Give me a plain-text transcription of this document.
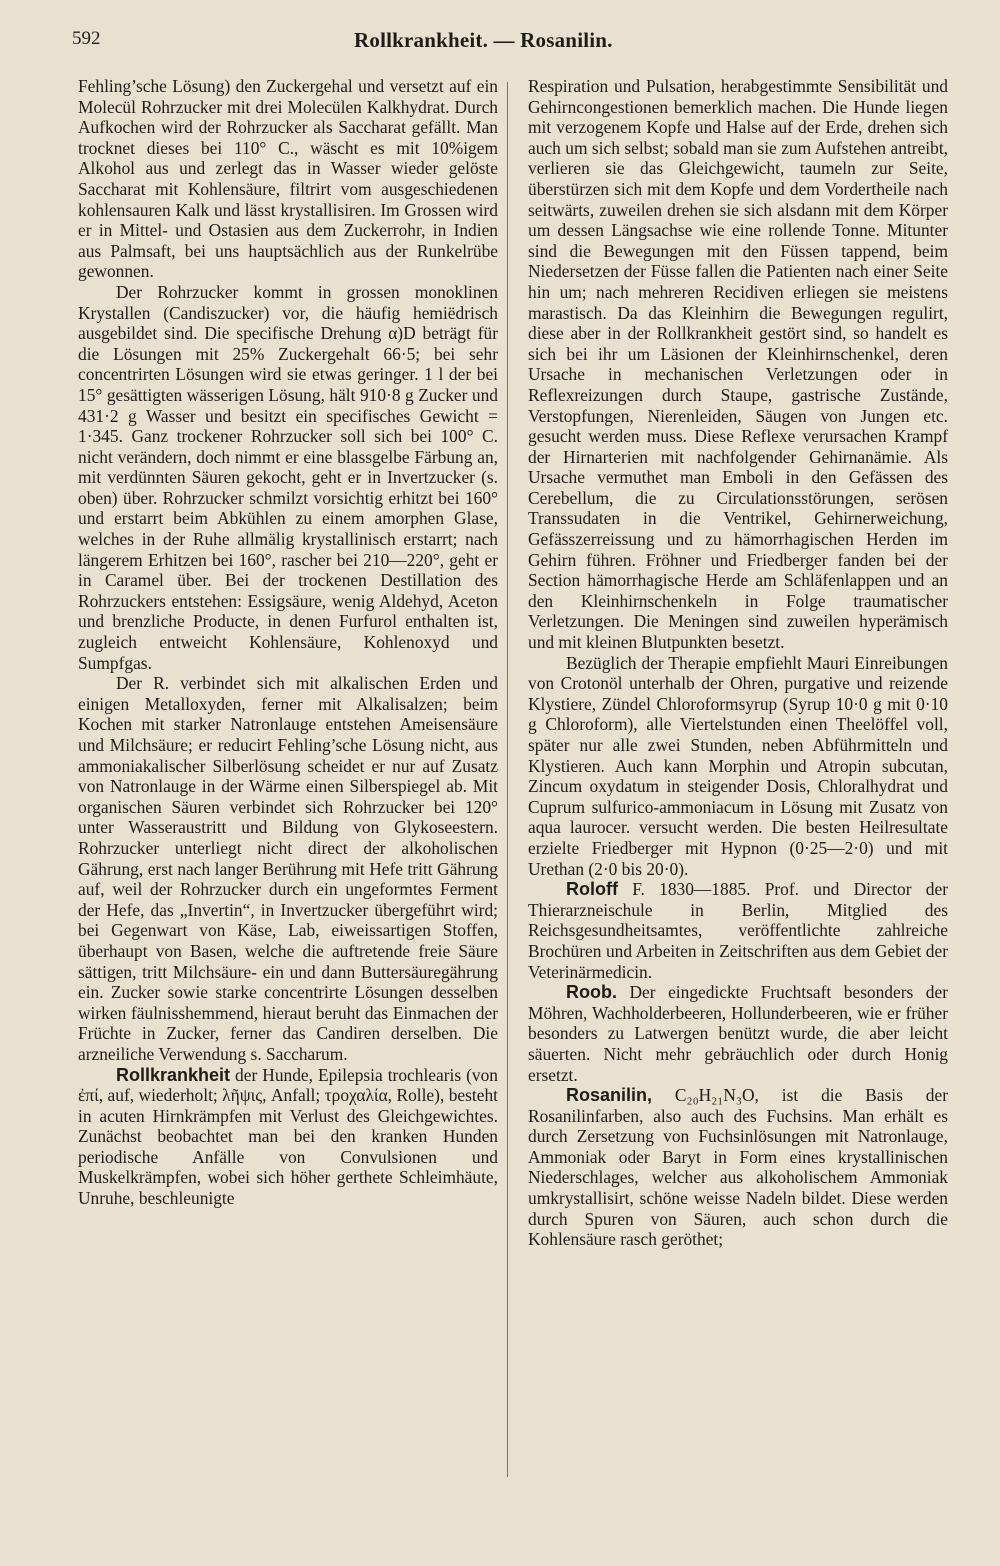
592	Rollkrankheit. — Rosanilin.

Fehling’sche Lösung) den Zuckergehal und versetzt auf ein Molecül Rohrzucker mit drei Molecülen Kalkhydrat. Durch Aufkochen wird der Rohrzucker als Saccharat gefällt. Man trocknet dieses bei 110° C., wäscht es mit 10%igem Alkohol aus und zerlegt das in Wasser wieder gelöste Saccharat mit Kohlensäure, filtrirt vom ausgeschiedenen kohlensauren Kalk und lässt krystallisiren. Im Grossen wird er in Mittel- und Ostasien aus dem Zuckerrohr, in Indien aus Palmsaft, bei uns hauptsächlich aus der Runkelrübe gewonnen.

Der Rohrzucker kommt in grossen monoklinen Krystallen (Candiszucker) vor, die häufig hemiëdrisch ausgebildet sind. Die specifische Drehung α)D beträgt für die Lösungen mit 25% Zuckergehalt 66·5; bei sehr concentrirten Lösungen wird sie etwas geringer. 1 l der bei 15° gesättigten wässerigen Lösung, hält 910·8 g Zucker und 431·2 g Wasser und besitzt ein specifisches Gewicht = 1·345. Ganz trockener Rohrzucker soll sich bei 100° C. nicht verändern, doch nimmt er eine blassgelbe Färbung an, mit verdünnten Säuren gekocht, geht er in Invertzucker (s. oben) über. Rohrzucker schmilzt vorsichtig erhitzt bei 160° und erstarrt beim Abkühlen zu einem amorphen Glase, welches in der Ruhe allmälig krystallinisch erstarrt; nach längerem Erhitzen bei 160°, rascher bei 210—220°, geht er in Caramel über. Bei der trockenen Destillation des Rohrzuckers entstehen: Essigsäure, wenig Aldehyd, Aceton und brenzliche Producte, in denen Furfurol enthalten ist, zugleich entweicht Kohlensäure, Kohlenoxyd und Sumpfgas.

Der R. verbindet sich mit alkalischen Erden und einigen Metalloxyden, ferner mit Alkalisalzen; beim Kochen mit starker Natronlauge entstehen Ameisensäure und Milchsäure; er reducirt Fehling’sche Lösung nicht, aus ammoniakalischer Silberlösung scheidet er nur auf Zusatz von Natronlauge in der Wärme einen Silberspiegel ab. Mit organischen Säuren verbindet sich Rohrzucker bei 120° unter Wasseraustritt und Bildung von Glykoseestern. Rohrzucker unterliegt nicht direct der alkoholischen Gährung, erst nach langer Berührung mit Hefe tritt Gährung auf, weil der Rohrzucker durch ein ungeformtes Ferment der Hefe, das „Invertin“, in Invertzucker übergeführt wird; bei Gegenwart von Käse, Lab, eiweissartigen Stoffen, überhaupt von Basen, welche die auftretende freie Säure sättigen, tritt Milchsäure- ein und dann Buttersäuregährung ein. Zucker sowie starke concentrirte Lösungen desselben wirken fäulnisshemmend, hieraut beruht das Einmachen der Früchte in Zucker, ferner das Candiren derselben. Die arzneiliche Verwendung s. Saccharum.

Rollkrankheit der Hunde, Epilepsia trochlearis (von ἐπί, auf, wiederholt; λῆψις, Anfall; τροχαλία, Rolle), besteht in acuten Hirnkrämpfen mit Verlust des Gleichgewichtes. Zunächst beobachtet man bei den kranken Hunden periodische Anfälle von Convulsionen und Muskelkrämpfen, wobei sich höher gerthete Schleimhäute, Unruhe, beschleunigte

Respiration und Pulsation, herabgestimmte Sensibilität und Gehirncongestionen bemerklich machen. Die Hunde liegen mit verzogenem Kopfe und Halse auf der Erde, drehen sich auch um sich selbst; sobald man sie zum Aufstehen antreibt, verlieren sie das Gleichgewicht, taumeln zur Seite, überstürzen sich mit dem Kopfe und dem Vordertheile nach seitwärts, zuweilen drehen sie sich alsdann mit dem Körper um dessen Längsachse wie eine rollende Tonne. Mitunter sind die Bewegungen mit den Füssen tappend, beim Niedersetzen der Füsse fallen die Patienten nach einer Seite hin um; nach mehreren Recidiven erliegen sie meistens marastisch. Da das Kleinhirn die Bewegungen regulirt, diese aber in der Rollkrankheit gestört sind, so handelt es sich bei ihr um Läsionen der Kleinhirnschenkel, deren Ursache in mechanischen Verletzungen oder in Reflexreizungen durch Staupe, gastrische Zustände, Verstopfungen, Nierenleiden, Säugen von Jungen etc. gesucht werden muss. Diese Reflexe verursachen Krampf der Hirnarterien mit nachfolgender Gehirnanämie. Als Ursache vermuthet man Emboli in den Gefässen des Cerebellum, die zu Circulationsstörungen, serösen Transsudaten in die Ventrikel, Gehirnerweichung, Gefässzerreissung und zu hämorrhagischen Herden im Gehirn führen. Fröhner und Friedberger fanden bei der Section hämorrhagische Herde am Schläfenlappen und an den Kleinhirnschenkeln in Folge traumatischer Verletzungen. Die Meningen sind zuweilen hyperämisch und mit kleinen Blutpunkten besetzt.

Bezüglich der Therapie empfiehlt Mauri Einreibungen von Crotonöl unterhalb der Ohren, purgative und reizende Klystiere, Zündel Chloroformsyrup (Syrup 10·0 g mit 0·10 g Chloroform), alle Viertelstunden einen Theelöffel voll, später nur alle zwei Stunden, neben Abführmitteln und Klystieren. Auch kann Morphin und Atropin subcutan, Zincum oxydatum in steigender Dosis, Chloralhydrat und Cuprum sulfurico-ammoniacum in Lösung mit Zusatz von aqua laurocer. versucht werden. Die besten Heilresultate erzielte Friedberger mit Hypnon (0·25—2·0) und mit Urethan (2·0 bis 20·0).

Roloff F. 1830—1885. Prof. und Director der Thierarzneischule in Berlin, Mitglied des Reichsgesundheitsamtes, veröffentlichte zahlreiche Brochüren und Arbeiten in Zeitschriften aus dem Gebiet der Veterinärmedicin.

Roob. Der eingedickte Fruchtsaft besonders der Möhren, Wachholderbeeren, Hollunderbeeren, wie er früher besonders zu Latwergen benützt wurde, die aber leicht säuerten. Nicht mehr gebräuchlich oder durch Honig ersetzt.

Rosanilin, C₂₀H₂₁N₃O, ist die Basis der Rosanilinfarben, also auch des Fuchsins. Man erhält es durch Zersetzung von Fuchsinlösungen mit Natronlauge, Ammoniak oder Baryt in Form eines krystallinischen Niederschlages, welcher aus alkoholischem Ammoniak umkrystallisirt, schöne weisse Nadeln bildet. Diese werden durch Spuren von Säuren, auch schon durch die Kohlensäure rasch geröthet;
